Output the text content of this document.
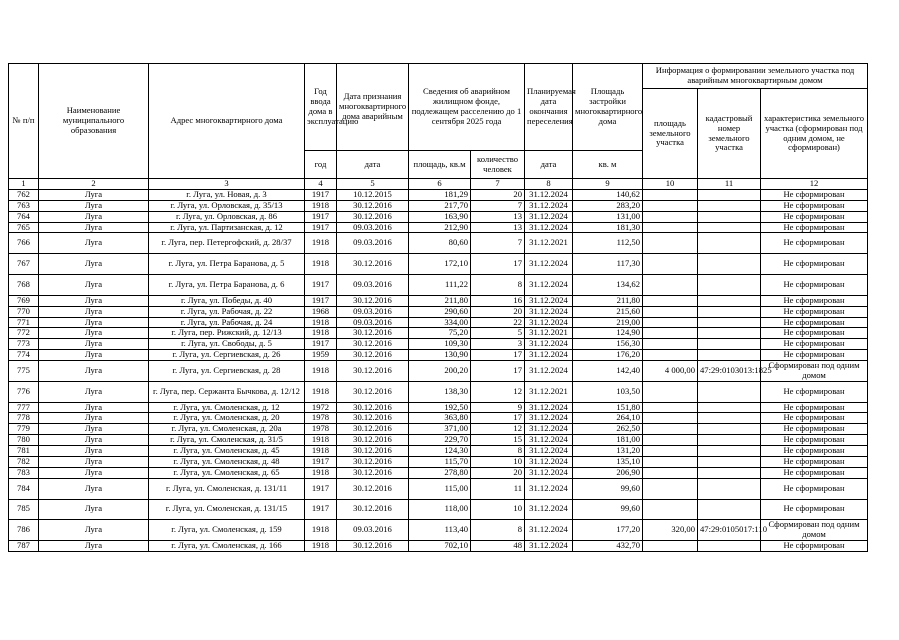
№ п/п	Наименование муниципального образования	Адрес многоквартирного дома	Год ввода дома в эксплуатацию	Дата признания многоквартирного дома аварийным	Сведения об аварийном жилищном фонде, подлежащем расселению до 1 сентября 2025 года		Планируемая дата окончания переселения	Площадь застройки многоквартирного дома	Информация о формировании земельного участка под аварийным многоквартирным домом		
									площадь земельного участка	кадастровый номер земельного участка	характеристика земельного участка (сформирован под одним домом, не сформирован)
			год	дата	площадь, кв.м	количество человек	дата	кв. м			
1	2	3	4	5	6	7	8	9	10	11	12
762	Луга	г. Луга, ул. Новая, д. 3	1917	10.12.2015	181,29	20	31.12.2024	140,62			Не сформирован
763	Луга	г. Луга, ул. Орловская, д. 35/13	1918	30.12.2016	217,70	7	31.12.2024	283,20			Не сформирован
764	Луга	г. Луга, ул. Орловская, д. 86	1917	30.12.2016	163,90	13	31.12.2024	131,00			Не сформирован
765	Луга	г. Луга, ул. Партизанская, д. 12	1917	09.03.2016	212,90	13	31.12.2024	181,30			Не сформирован
766	Луга	г. Луга, пер. Петергофский, д. 28/37	1918	09.03.2016	80,60	7	31.12.2021	112,50			Не сформирован
767	Луга	г. Луга, ул. Петра Баранова, д. 5	1918	30.12.2016	172,10	17	31.12.2024	117,30			Не сформирован
768	Луга	г. Луга, ул. Петра Баранова, д. 6	1917	09.03.2016	111,22	8	31.12.2024	134,62			Не сформирован
769	Луга	г. Луга, ул. Победы, д. 40	1917	30.12.2016	211,80	16	31.12.2024	211,80			Не сформирован
770	Луга	г. Луга, ул. Рабочая, д. 22	1968	09.03.2016	290,60	20	31.12.2024	215,60			Не сформирован
771	Луга	г. Луга, ул. Рабочая, д. 24	1918	09.03.2016	334,00	22	31.12.2024	219,00			Не сформирован
772	Луга	г. Луга, пер. Рижский, д. 12/13	1918	30.12.2016	75,20	5	31.12.2021	124,90			Не сформирован
773	Луга	г. Луга, ул. Свободы, д. 5	1917	30.12.2016	109,30	3	31.12.2024	156,30			Не сформирован
774	Луга	г. Луга, ул. Сергиевская, д. 26	1959	30.12.2016	130,90	17	31.12.2024	176,20			Не сформирован
775	Луга	г. Луга, ул. Сергиевская, д. 28	1918	30.12.2016	200,20	17	31.12.2024	142,40	4 000,00	47:29:0103013:1825	Сформирован под одним домом
776	Луга	г. Луга, пер. Сержанта Бычкова, д. 12/12	1918	30.12.2016	138,30	12	31.12.2021	103,50			Не сформирован
777	Луга	г. Луга, ул. Смоленская, д. 12	1972	30.12.2016	192,50	9	31.12.2024	151,80			Не сформирован
778	Луга	г. Луга, ул. Смоленская, д. 20	1978	30.12.2016	363,80	17	31.12.2024	264,10			Не сформирован
779	Луга	г. Луга, ул. Смоленская, д. 20а	1978	30.12.2016	371,00	12	31.12.2024	262,50			Не сформирован
780	Луга	г. Луга, ул. Смоленская, д. 31/5	1918	30.12.2016	229,70	15	31.12.2024	181,00			Не сформирован
781	Луга	г. Луга, ул. Смоленская, д. 45	1918	30.12.2016	124,30	8	31.12.2024	131,20			Не сформирован
782	Луга	г. Луга, ул. Смоленская, д. 48	1917	30.12.2016	115,70	10	31.12.2024	135,10			Не сформирован
783	Луга	г. Луга, ул. Смоленская, д. 65	1918	30.12.2016	278,80	20	31.12.2024	206,90			Не сформирован
784	Луга	г. Луга, ул. Смоленская, д. 131/11	1917	30.12.2016	115,00	11	31.12.2024	99,60			Не сформирован
785	Луга	г. Луга, ул. Смоленская, д. 131/15	1917	30.12.2016	118,00	10	31.12.2024	99,60			Не сформирован
786	Луга	г. Луга, ул. Смоленская, д. 159	1918	09.03.2016	113,40	8	31.12.2024	177,20	320,00	47:29:0105017:110	Сформирован под одним домом
787	Луга	г. Луга, ул. Смоленская, д. 166	1918	30.12.2016	702,10	48	31.12.2024	432,70			Не сформирован
